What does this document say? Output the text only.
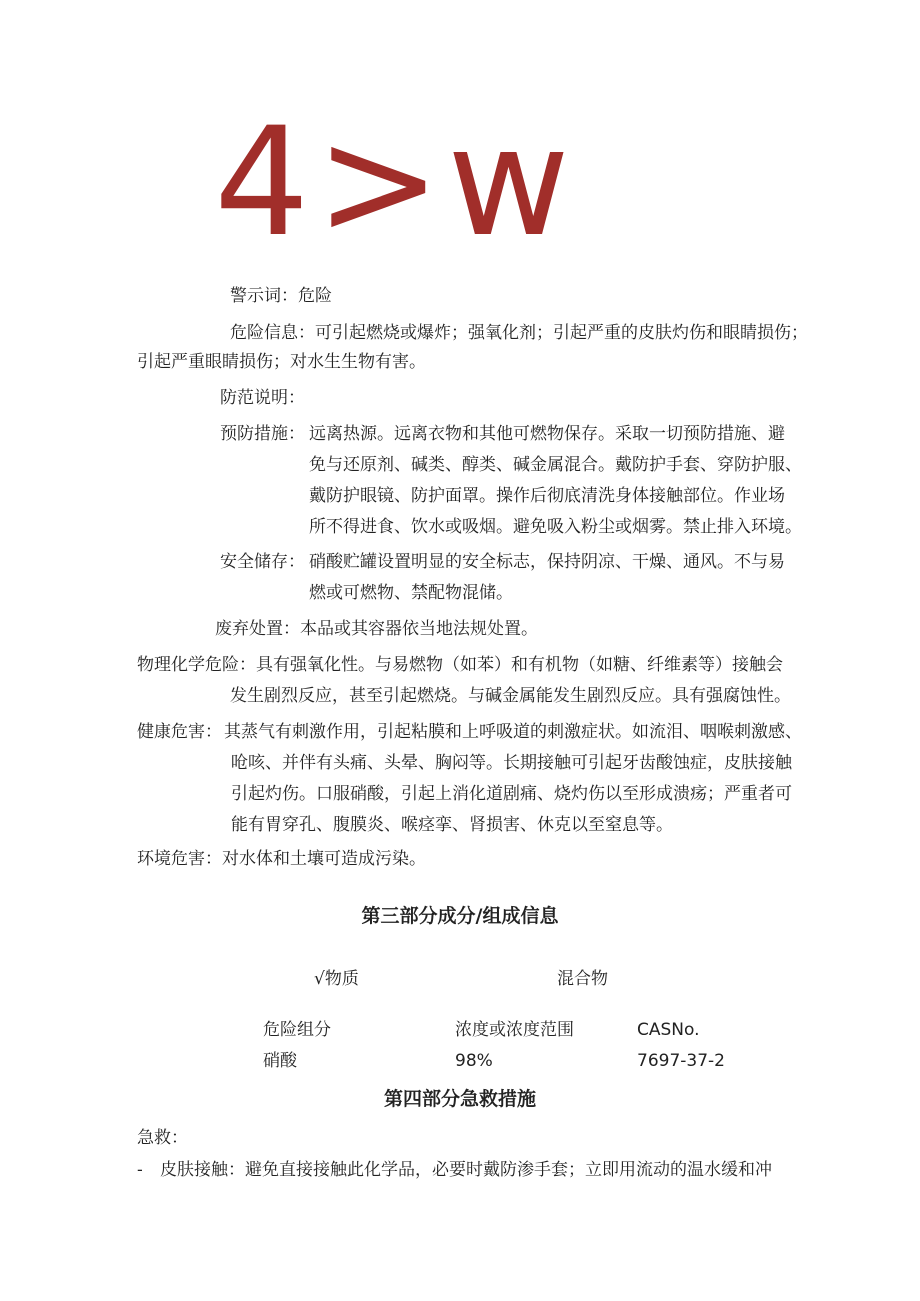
4>w
警示词：危险
危险信息：可引起燃烧或爆炸；强氧化剂；引起严重的皮肤灼伤和眼睛损伤；
引起严重眼睛损伤；对水生生物有害。
防范说明：
预防措施： 远离热源。远离衣物和其他可燃物保存。采取一切预防措施、避
免与还原剂、碱类、醇类、碱金属混合。戴防护手套、穿防护服、
戴防护眼镜、防护面罩。操作后彻底清洗身体接触部位。作业场
所不得进食、饮水或吸烟。避免吸入粉尘或烟雾。禁止排入环境。
安全储存： 硝酸贮罐设置明显的安全标志，保持阴凉、干燥、通风。不与易
燃或可燃物、禁配物混储。
废弃处置：本品或其容器依当地法规处置。
物理化学危险：具有强氧化性。与易燃物（如苯）和有机物（如糖、纤维素等）接触会
发生剧烈反应，甚至引起燃烧。与碱金属能发生剧烈反应。具有强腐蚀性。
健康危害： 其蒸气有刺激作用，引起粘膜和上呼吸道的刺激症状。如流泪、咽喉刺激感、
呛咳、并伴有头痛、头晕、胸闷等。长期接触可引起牙齿酸蚀症，皮肤接触
引起灼伤。口服硝酸，引起上消化道剧痛、烧灼伤以至形成溃疡；严重者可
能有胃穿孔、腹膜炎、喉痉挛、肾损害、休克以至窒息等。
环境危害：对水体和土壤可造成污染。
第三部分成分/组成信息
√物质	混合物
危险组分	浓度或浓度范围	CASNo.
硝酸	98%	7697-37-2
第四部分急救措施
急救：
- 皮肤接触：避免直接接触此化学品，必要时戴防渗手套；立即用流动的温水缓和冲
